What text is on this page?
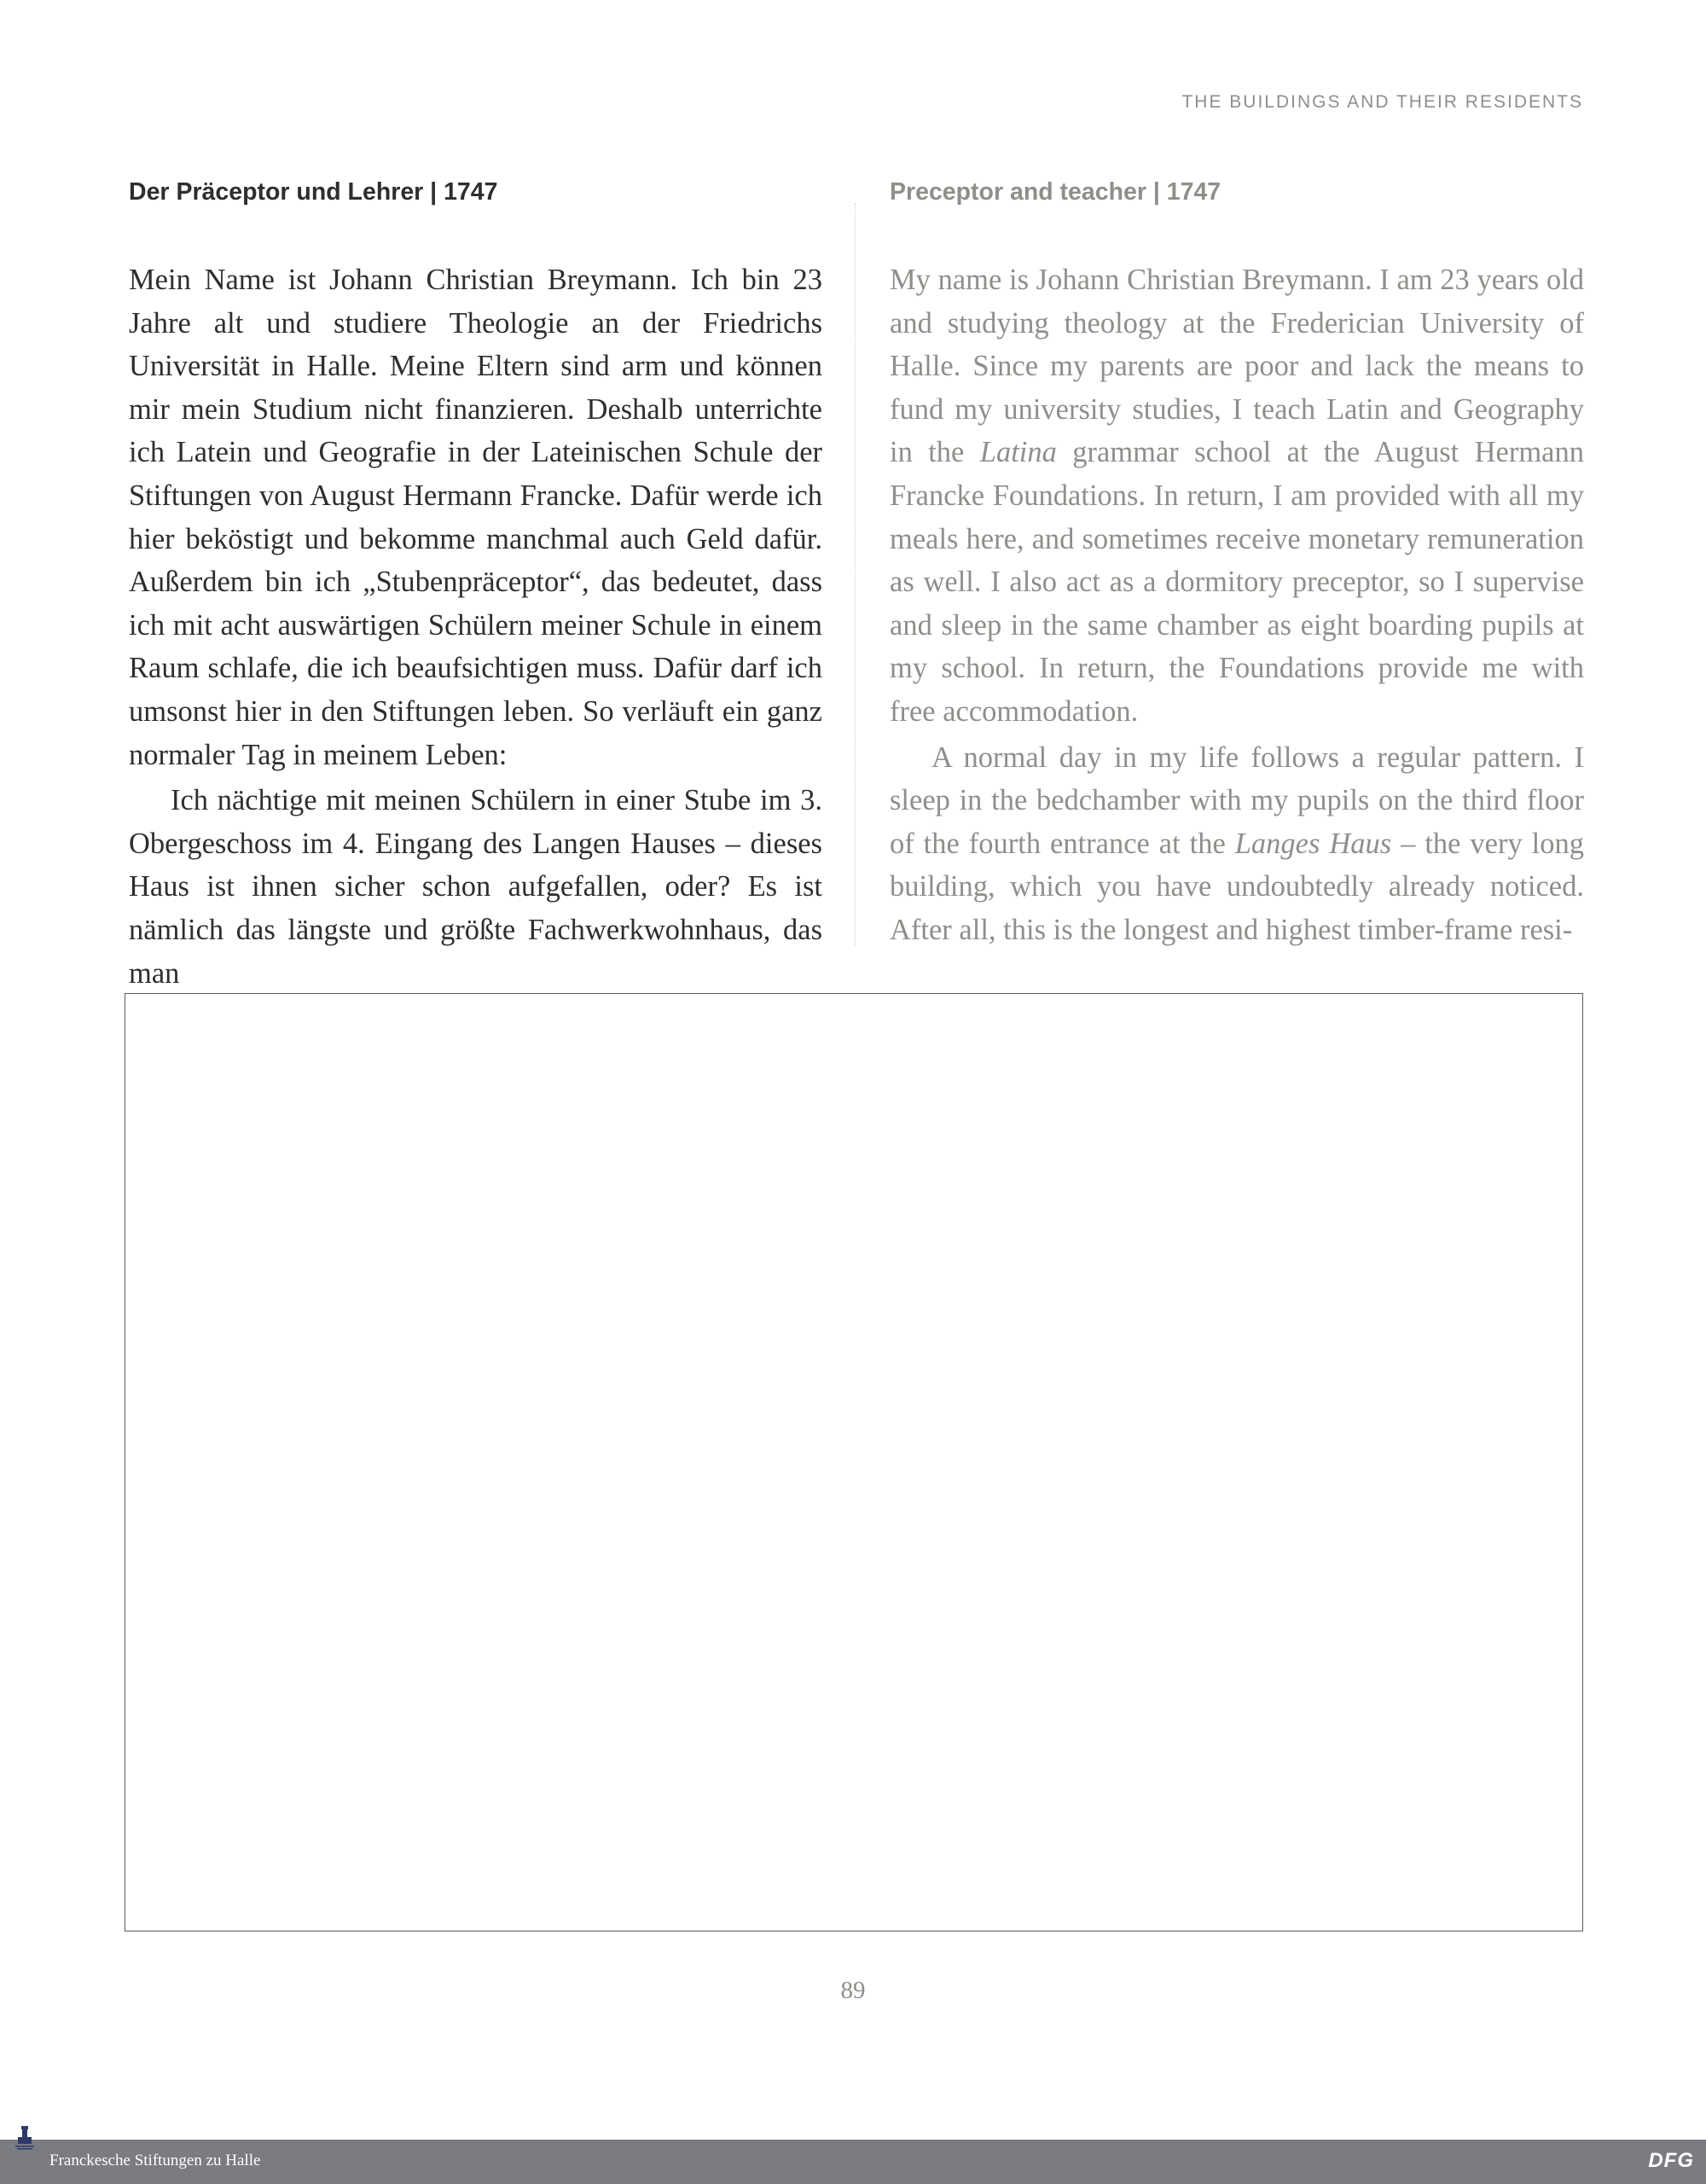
THE BUILDINGS AND THEIR RESIDENTS
Der Präceptor und Lehrer | 1747

Mein Name ist Johann Christian Breymann. Ich bin 23 Jahre alt und studiere Theologie an der Friedrichs Universität in Halle. Meine Eltern sind arm und können mir mein Studium nicht finanzieren. Deshalb unterrichte ich Latein und Geografie in der Lateinischen Schule der Stiftungen von August Hermann Francke. Dafür werde ich hier beköstigt und bekomme manchmal auch Geld dafür. Außerdem bin ich „Stubenpräceptor“, das bedeutet, dass ich mit acht auswärtigen Schülern meiner Schule in einem Raum schlafe, die ich beaufsichtigen muss. Dafür darf ich umsonst hier in den Stiftungen leben. So verläuft ein ganz normaler Tag in meinem Leben:

Ich nächtige mit meinen Schülern in einer Stube im 3. Obergeschoss im 4. Eingang des Langen Hauses – dieses Haus ist ihnen sicher schon aufgefallen, oder? Es ist nämlich das längste und größte Fachwerkwohnhaus, das man

Preceptor and teacher | 1747

My name is Johann Christian Breymann. I am 23 years old and studying theology at the Frederician University of Halle. Since my parents are poor and lack the means to fund my university studies, I teach Latin and Geography in the Latina grammar school at the August Hermann Francke Foundations. In return, I am provided with all my meals here, and sometimes receive monetary remuneration as well. I also act as a dormitory preceptor, so I supervise and sleep in the same chamber as eight boarding pupils at my school. In return, the Foundations provide me with free accommodation.

A normal day in my life follows a regular pattern. I sleep in the bedchamber with my pupils on the third floor of the fourth entrance at the Langes Haus – the very long building, which you have undoubtedly already noticed. After all, this is the longest and highest timber-frame resi-

89
Franckesche Stiftungen zu Halle	DFG
